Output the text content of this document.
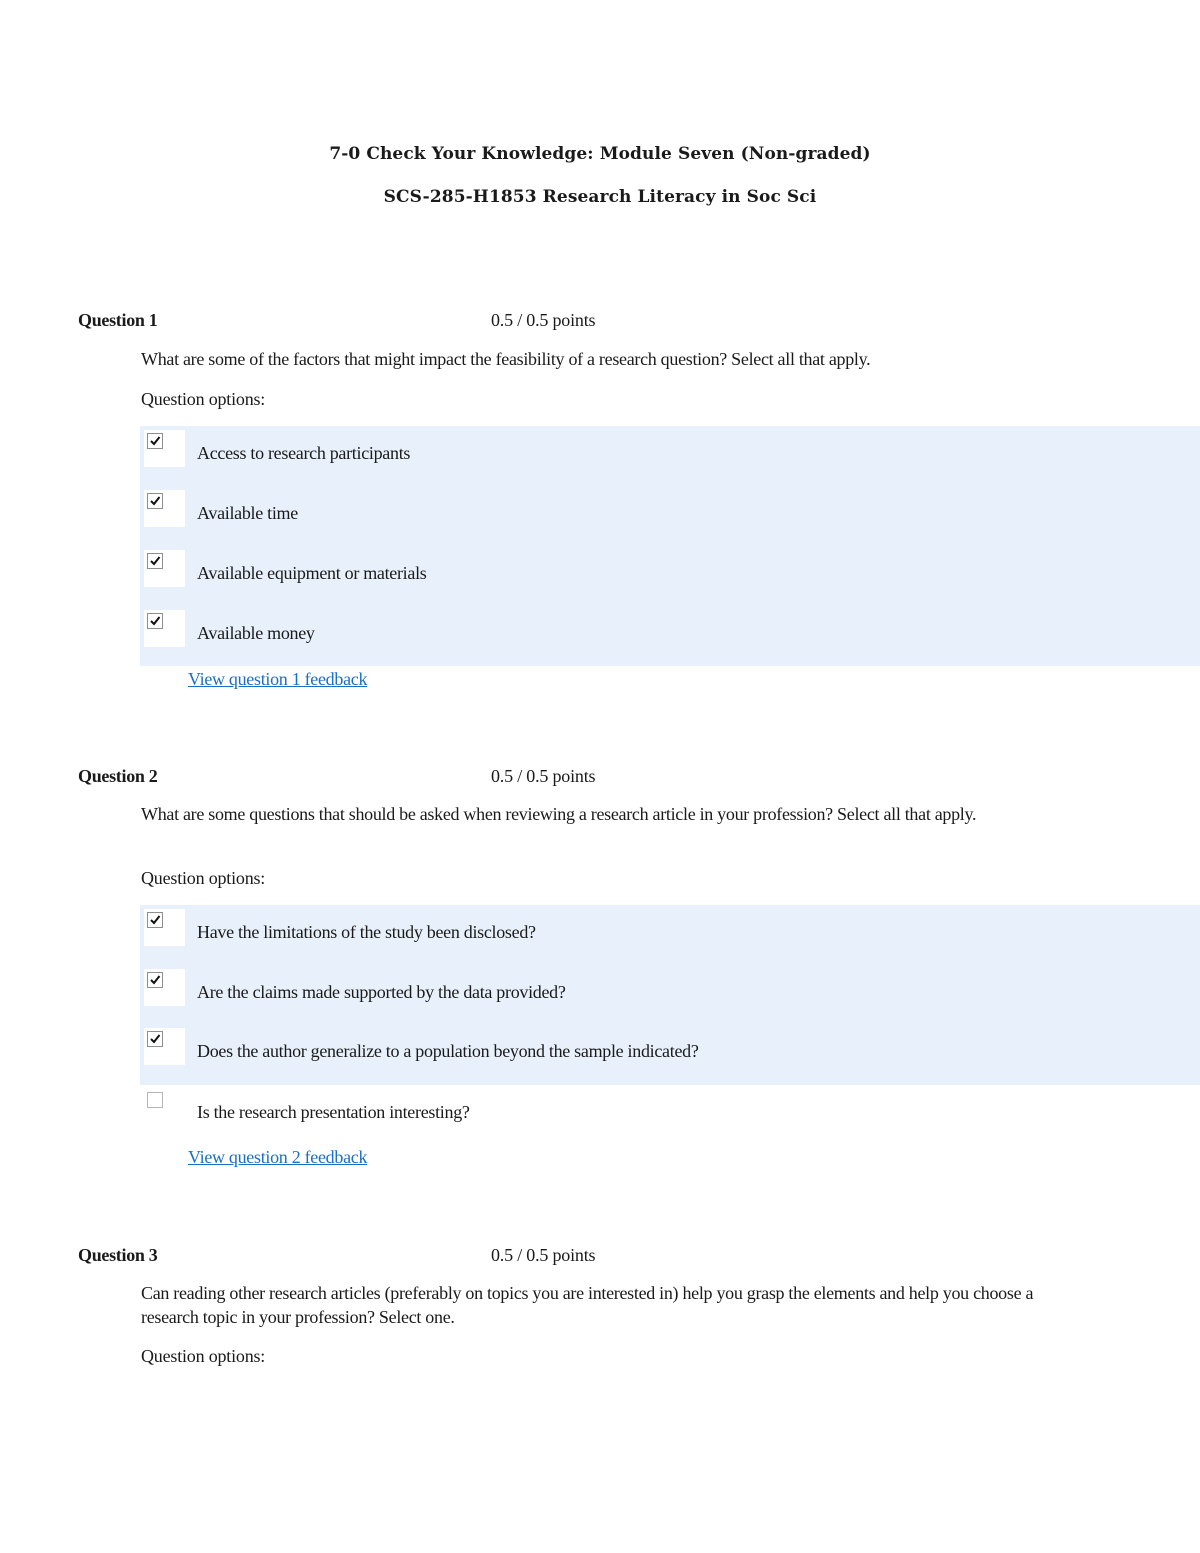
7-0 Check Your Knowledge: Module Seven (Non-graded)
SCS-285-H1853 Research Literacy in Soc Sci
Question 1	0.5 / 0.5 points
What are some of the factors that might impact the feasibility of a research question? Select all that apply.
Question options:
Access to research participants
Available time
Available equipment or materials
Available money
View question 1 feedback
Question 2	0.5 / 0.5 points
What are some questions that should be asked when reviewing a research article in your profession? Select all that apply.
Question options:
Have the limitations of the study been disclosed?
Are the claims made supported by the data provided?
Does the author generalize to a population beyond the sample indicated?
Is the research presentation interesting?
View question 2 feedback
Question 3	0.5 / 0.5 points
Can reading other research articles (preferably on topics you are interested in) help you grasp the elements and help you choose a research topic in your profession? Select one.
Question options:
